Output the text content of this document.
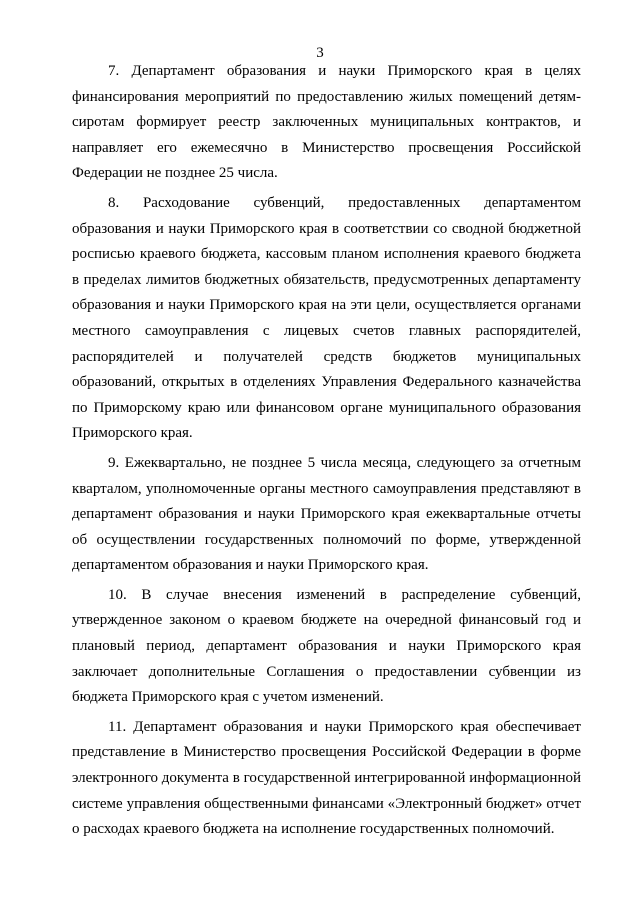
3

7. Департамент образования и науки Приморского края в целях финансирования мероприятий по предоставлению жилых помещений детям-сиротам формирует реестр заключенных муниципальных контрактов, и направляет его ежемесячно в Министерство просвещения Российской Федерации не позднее 25 числа.

8. Расходование субвенций, предоставленных департаментом образования и науки Приморского края в соответствии со сводной бюджетной росписью краевого бюджета, кассовым планом исполнения краевого бюджета в пределах лимитов бюджетных обязательств, предусмотренных департаменту образования и науки Приморского края на эти цели, осуществляется органами местного самоуправления с лицевых счетов главных распорядителей, распорядителей и получателей средств бюджетов муниципальных образований, открытых в отделениях Управления Федерального казначейства по Приморскому краю или финансовом органе муниципального образования Приморского края.

9. Ежеквартально, не позднее 5 числа месяца, следующего за отчетным кварталом, уполномоченные органы местного самоуправления представляют в департамент образования и науки Приморского края ежеквартальные отчеты об осуществлении государственных полномочий по форме, утвержденной департаментом образования и науки Приморского края.

10. В случае внесения изменений в распределение субвенций, утвержденное законом о краевом бюджете на очередной финансовый год и плановый период, департамент образования и науки Приморского края заключает дополнительные Соглашения о предоставлении субвенции из бюджета Приморского края с учетом изменений.

11. Департамент образования и науки Приморского края обеспечивает представление в Министерство просвещения Российской Федерации в форме электронного документа в государственной интегрированной информационной системе управления общественными финансами «Электронный бюджет» отчет о расходах краевого бюджета на исполнение государственных полномочий.
